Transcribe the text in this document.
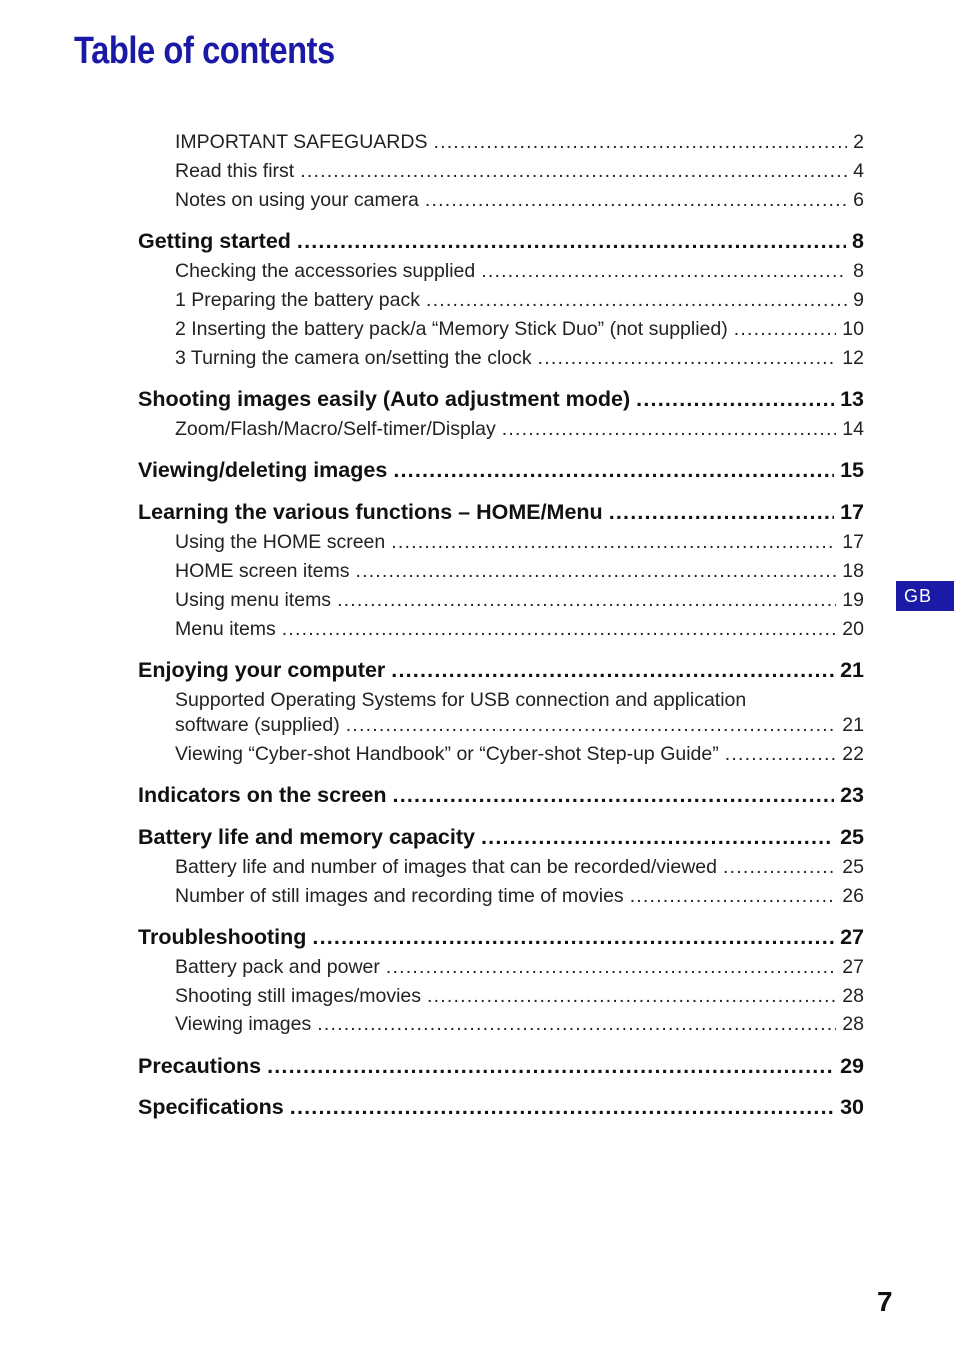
Table of contents
IMPORTANT SAFEGUARDS .....	2
Read this first .....	4
Notes on using your camera .....	6
Getting started .....	8
Checking the accessories supplied .....	8
1 Preparing the battery pack .....	9
2 Inserting the battery pack/a “Memory Stick Duo” (not supplied) .....	10
3 Turning the camera on/setting the clock .....	12
Shooting images easily (Auto adjustment mode) .....	13
Zoom/Flash/Macro/Self-timer/Display .....	14
Viewing/deleting images .....	15
Learning the various functions – HOME/Menu .....	17
Using the HOME screen .....	17
HOME screen items .....	18
Using menu items .....	19
Menu items .....	20
Enjoying your computer .....	21
Supported Operating Systems for USB connection and application
software (supplied) .....	21
Viewing “Cyber-shot Handbook” or “Cyber-shot Step-up Guide” .....	22
Indicators on the screen .....	23
Battery life and memory capacity .....	25
Battery life and number of images that can be recorded/viewed .....	25
Number of still images and recording time of movies .....	26
Troubleshooting .....	27
Battery pack and power .....	27
Shooting still images/movies .....	28
Viewing images .....	28
Precautions .....	29
Specifications .....	30
GB
7
